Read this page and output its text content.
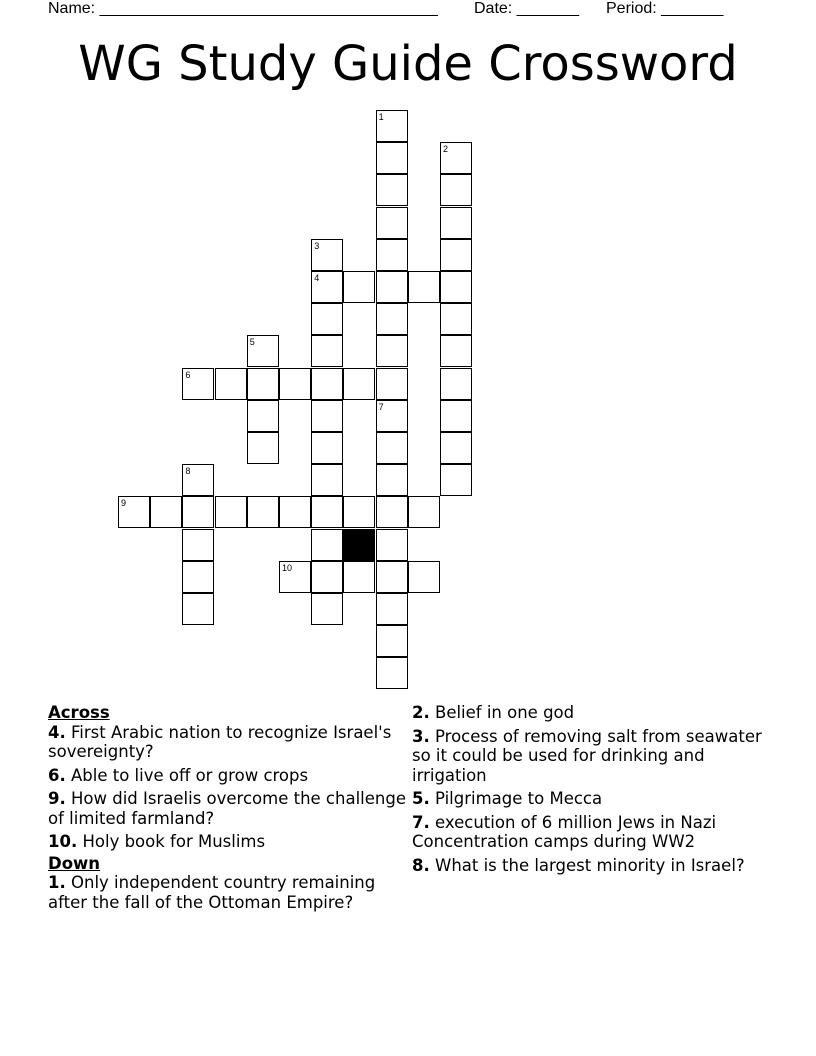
Name: ______________________________________ Date: _______ Period: _______
WG Study Guide Crossword
1
7
2
3
4
5
6
8
9
10
Across
4. First Arabic nation to recognize Israel's sovereignty?
6. Able to live off or grow crops
9. How did Israelis overcome the challenge of limited farmland?
10. Holy book for Muslims
Down
1. Only independent country remaining after the fall of the Ottoman Empire?
2. Belief in one god
3. Process of removing salt from seawater so it could be used for drinking and irrigation
5. Pilgrimage to Mecca
7. execution of 6 million Jews in Nazi Concentration camps during WW2
8. What is the largest minority in Israel?
